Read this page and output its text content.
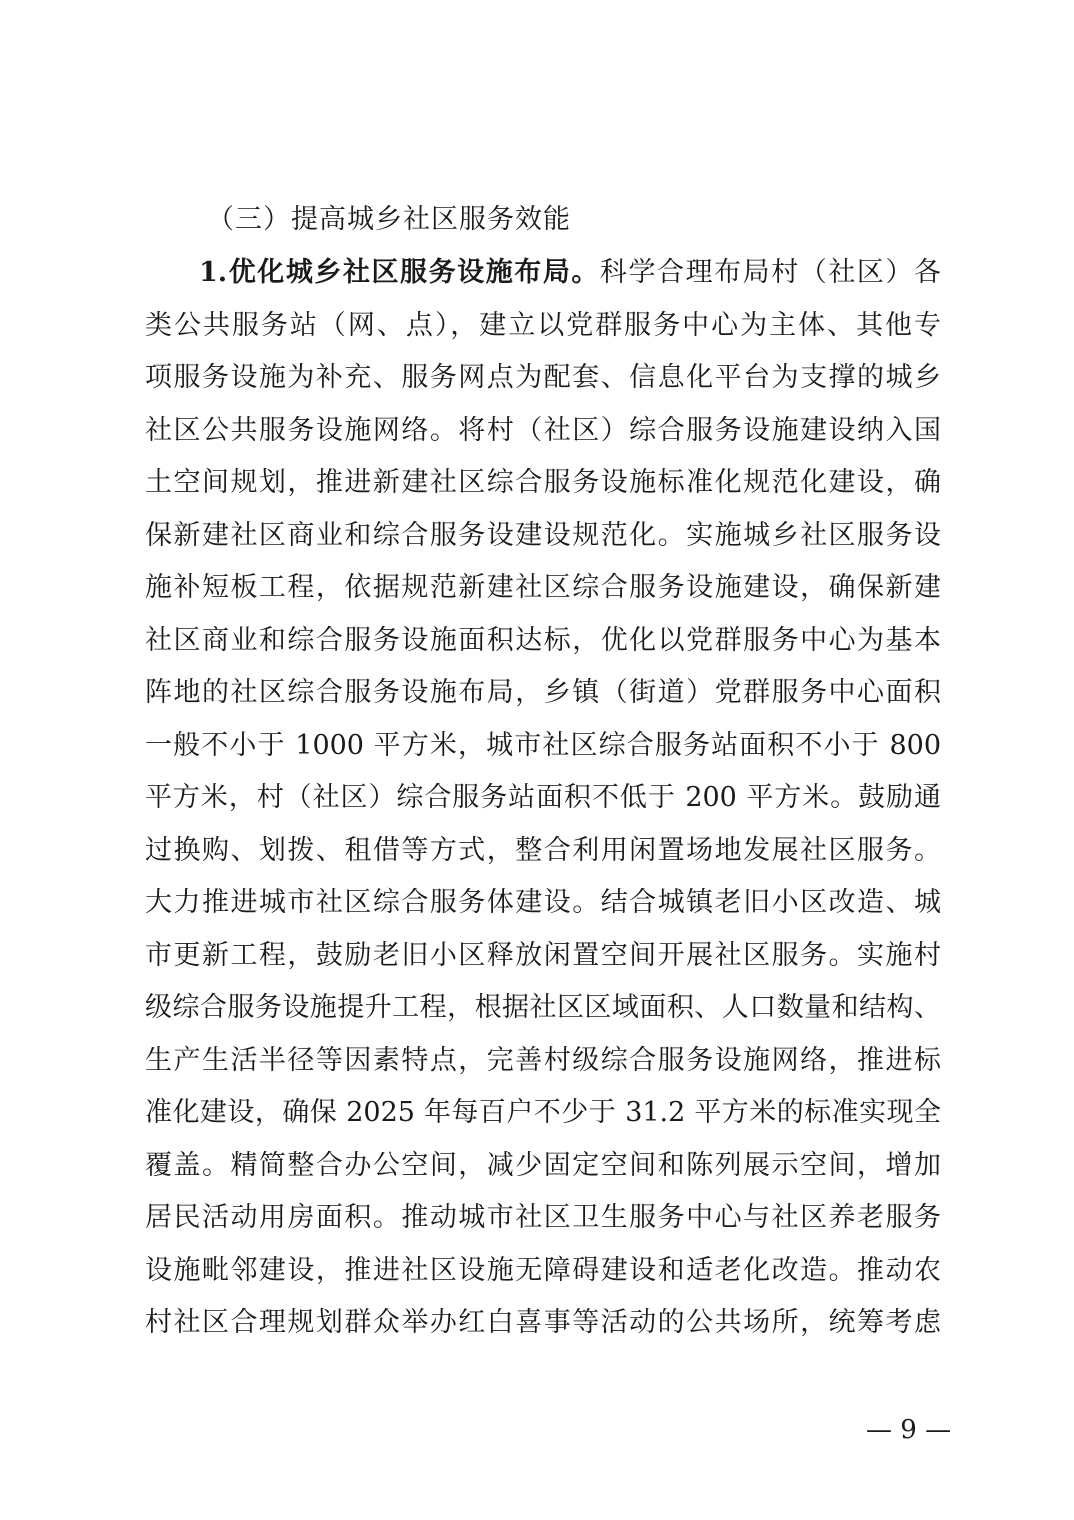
（三）提高城乡社区服务效能
1.优化城乡社区服务设施布局。科学合理布局村（社区）各
类公共服务站（网、点），建立以党群服务中心为主体、其他专
项服务设施为补充、服务网点为配套、信息化平台为支撑的城乡
社区公共服务设施网络。将村（社区）综合服务设施建设纳入国
土空间规划，推进新建社区综合服务设施标准化规范化建设，确
保新建社区商业和综合服务设建设规范化。实施城乡社区服务设
施补短板工程，依据规范新建社区综合服务设施建设，确保新建
社区商业和综合服务设施面积达标，优化以党群服务中心为基本
阵地的社区综合服务设施布局，乡镇（街道）党群服务中心面积
一般不小于 1000 平方米，城市社区综合服务站面积不小于 800
平方米，村（社区）综合服务站面积不低于 200 平方米。鼓励通
过换购、划拨、租借等方式，整合利用闲置场地发展社区服务。
大力推进城市社区综合服务体建设。结合城镇老旧小区改造、城
市更新工程，鼓励老旧小区释放闲置空间开展社区服务。实施村
级综合服务设施提升工程，根据社区区域面积、人口数量和结构、
生产生活半径等因素特点，完善村级综合服务设施网络，推进标
准化建设，确保 2025 年每百户不少于 31.2 平方米的标准实现全
覆盖。精简整合办公空间，减少固定空间和陈列展示空间，增加
居民活动用房面积。推动城市社区卫生服务中心与社区养老服务
设施毗邻建设，推进社区设施无障碍建设和适老化改造。推动农
村社区合理规划群众举办红白喜事等活动的公共场所，统筹考虑
— 9 —
